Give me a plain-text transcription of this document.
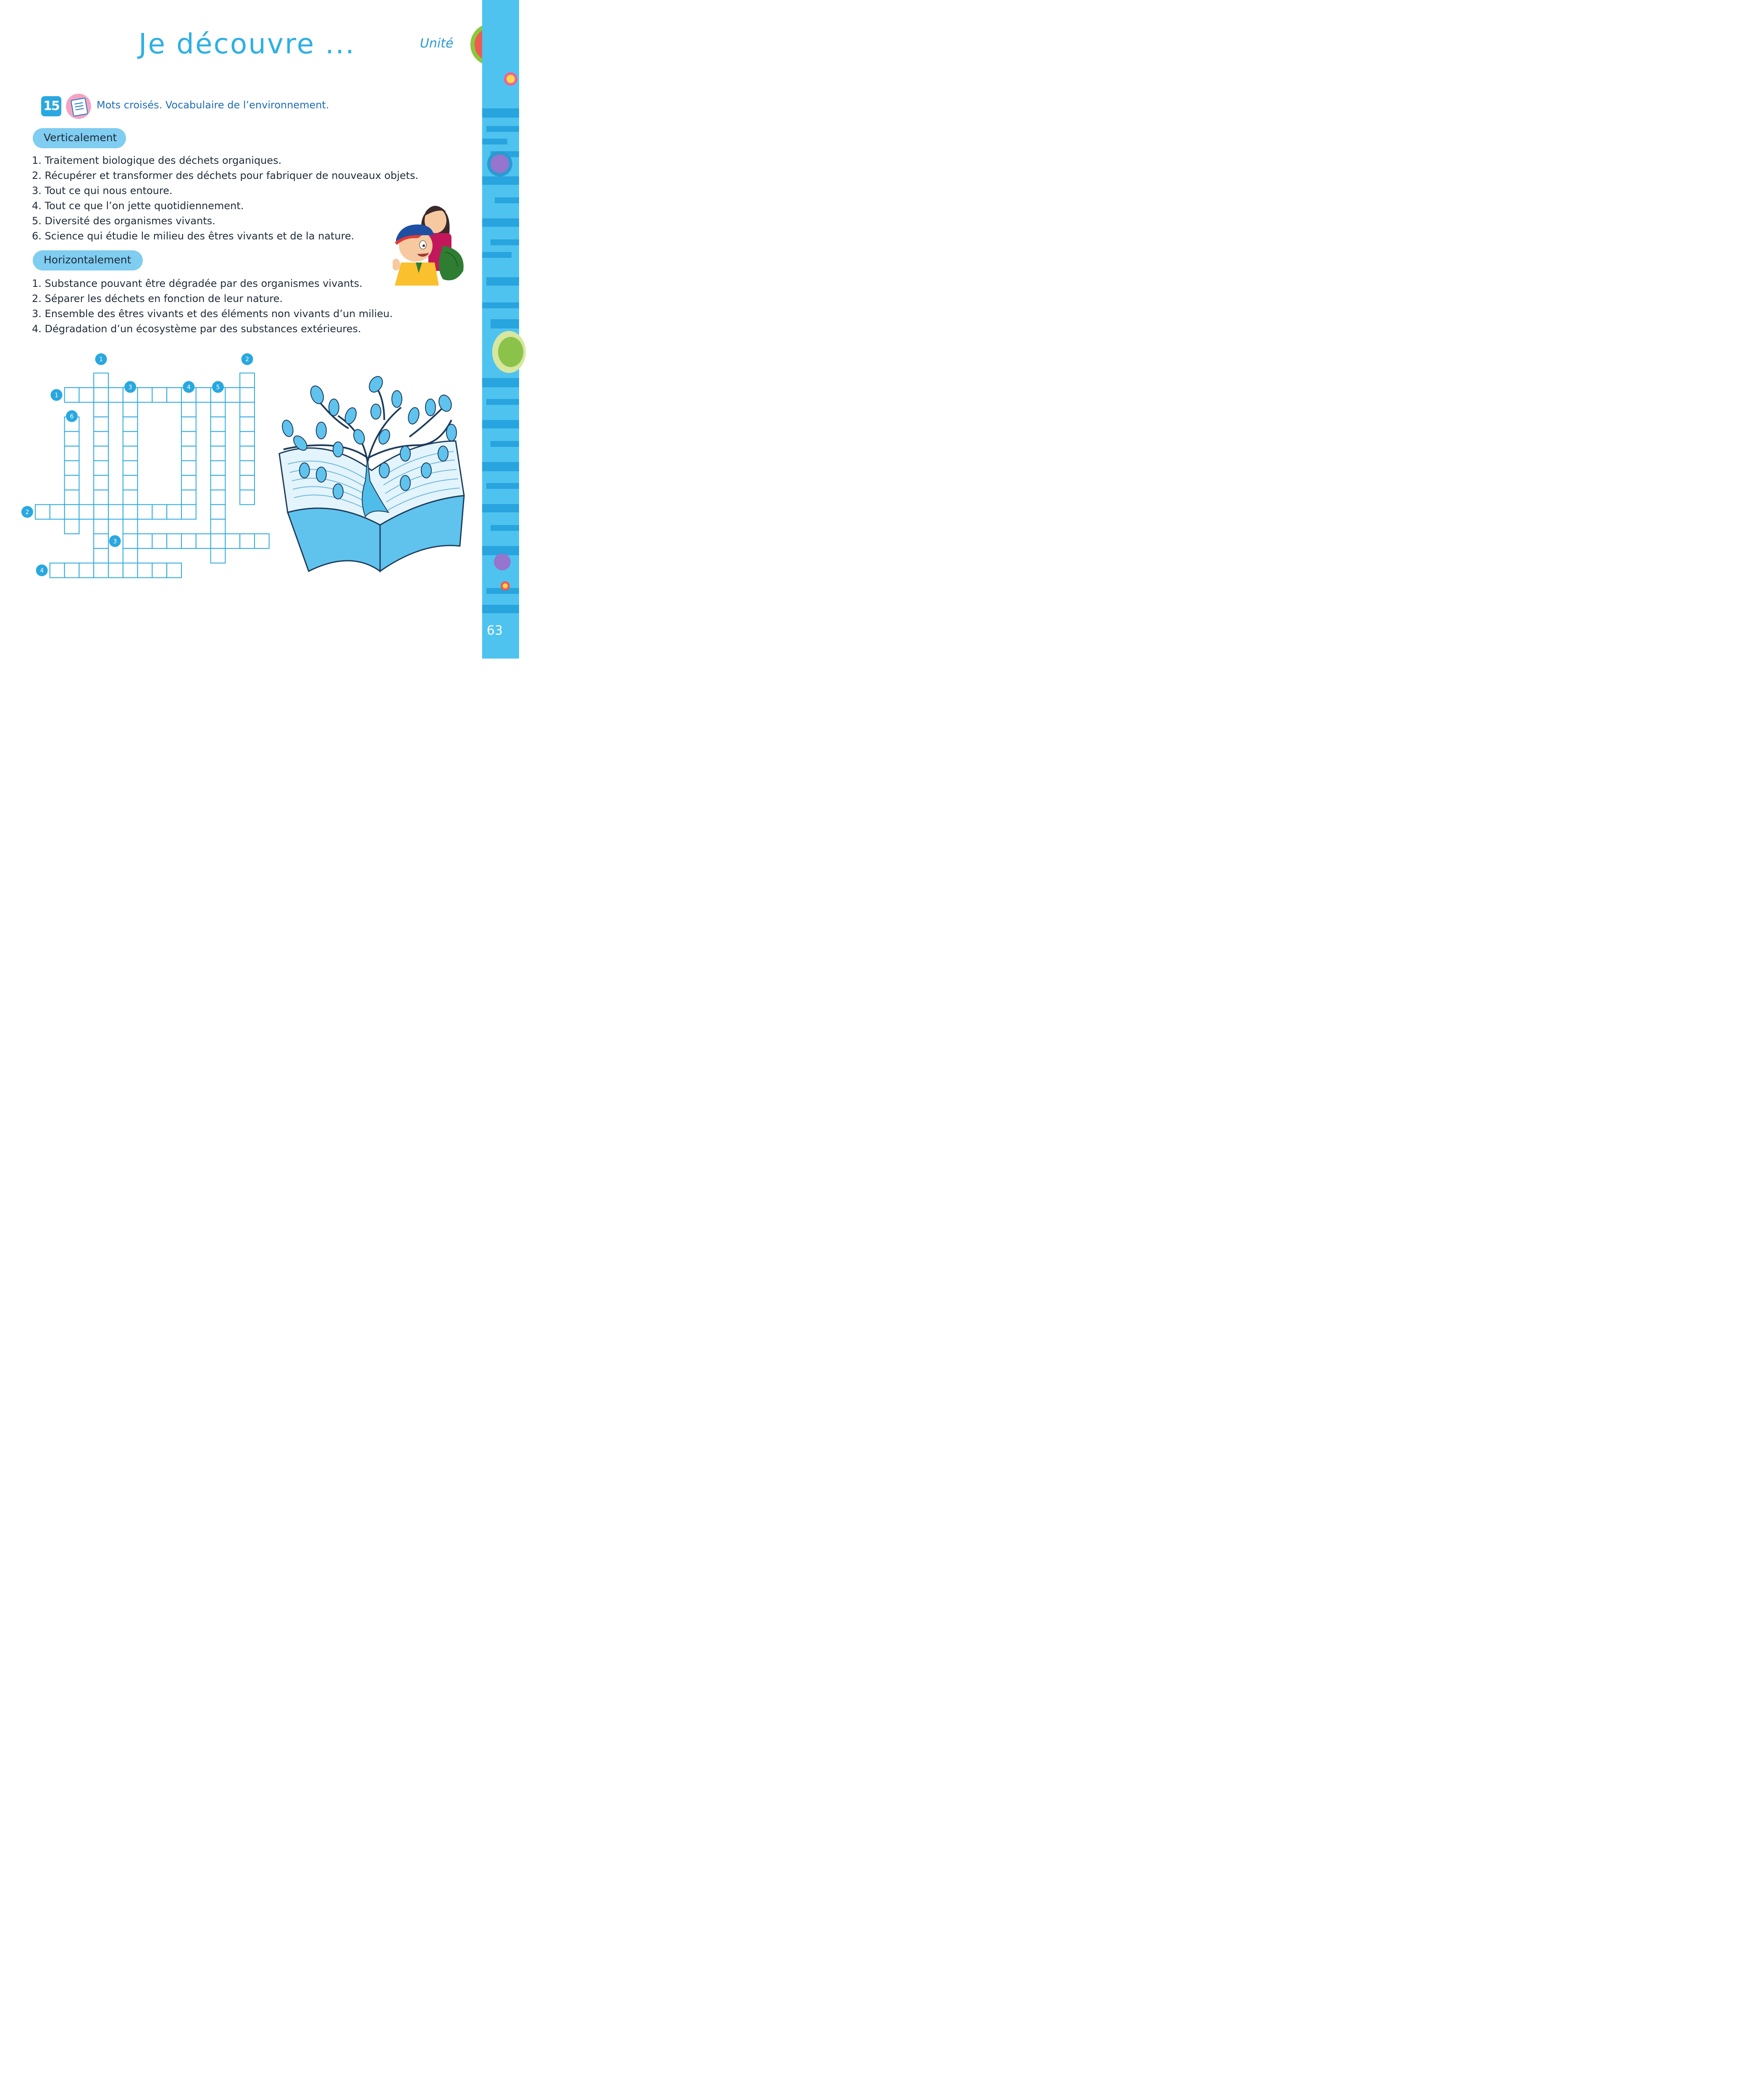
Je découvre ...	Unité
63
15	Mots croisés. Vocabulaire de l’environnement.
Verticalement
1. Traitement biologique des déchets organiques.
2. Récupérer et transformer des déchets pour fabriquer de nouveaux objets.
3. Tout ce qui nous entoure.
4. Tout ce que l’on jette quotidiennement.
5. Diversité des organismes vivants.
6. Science qui étudie le milieu des êtres vivants et de la nature.
Horizontalement
1. Substance pouvant être dégradée par des organismes vivants.
2. Séparer les déchets en fonction de leur nature.
3. Ensemble des êtres vivants et des éléments non vivants d’un milieu.
4. Dégradation d’un écosystème par des substances extérieures.
1	2
3	4	5
6
1
2
3
4
